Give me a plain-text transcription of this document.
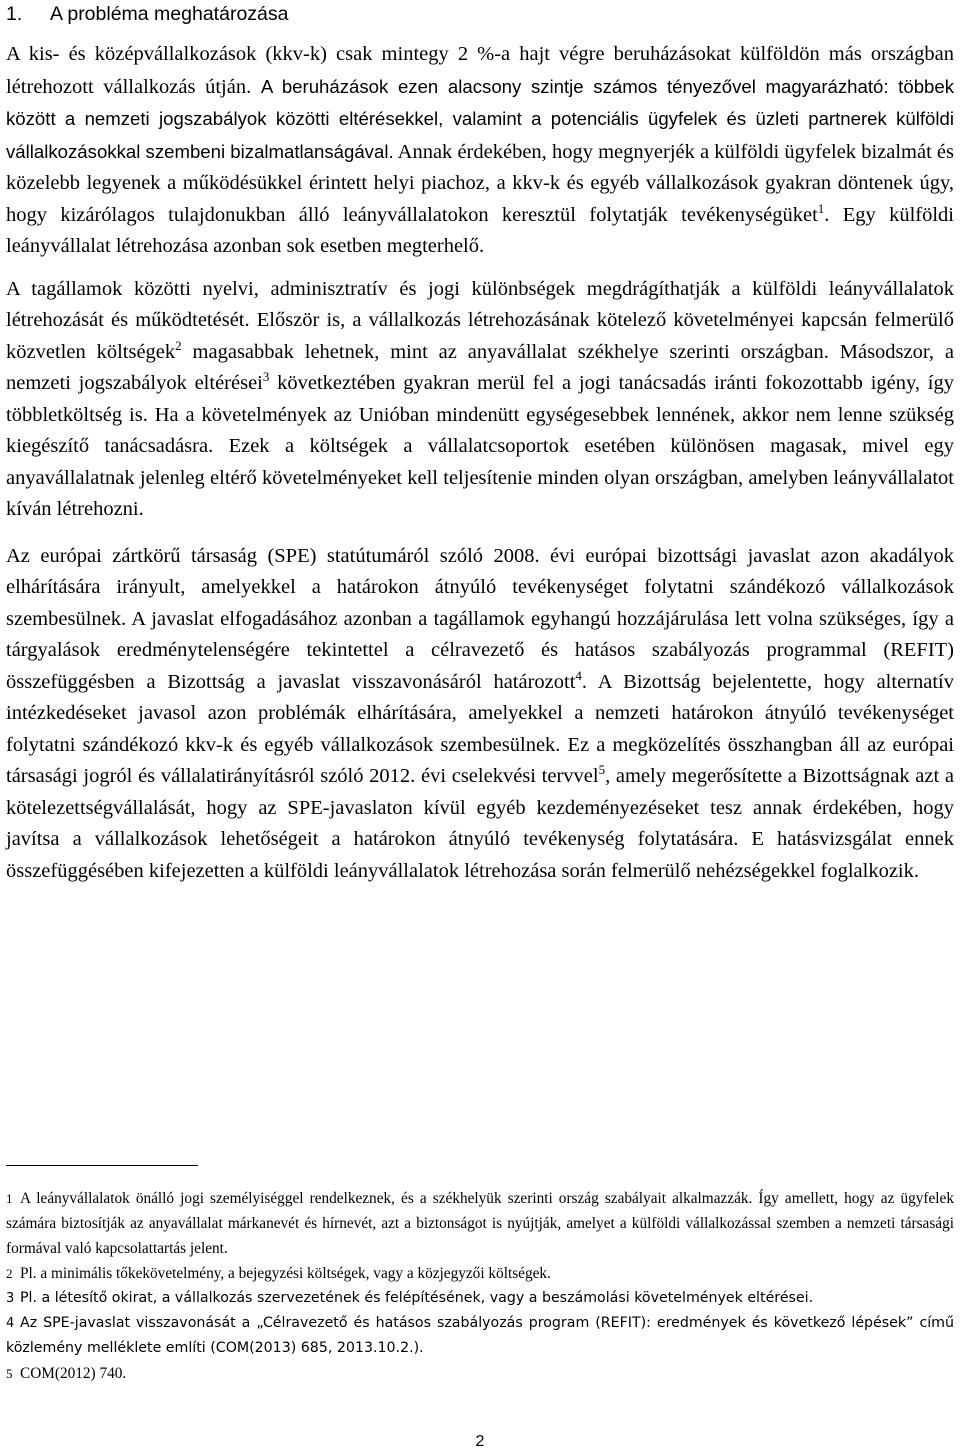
1. A probléma meghatározása

A kis- és középvállalkozások (kkv-k) csak mintegy 2 %-a hajt végre beruházásokat külföldön más országban létrehozott vállalkozás útján. A beruházások ezen alacsony szintje számos tényezővel magyarázható: többek között a nemzeti jogszabályok közötti eltérésekkel, valamint a potenciális ügyfelek és üzleti partnerek külföldi vállalkozásokkal szembeni bizalmatlanságával. Annak érdekében, hogy megnyerjék a külföldi ügyfelek bizalmát és közelebb legyenek a működésükkel érintett helyi piachoz, a kkv-k és egyéb vállalkozások gyakran döntenek úgy, hogy kizárólagos tulajdonukban álló leányvállalatokon keresztül folytatják tevékenységüket$^1$. Egy külföldi leányvállalat létrehozása azonban sok esetben megterhelő.

A tagállamok közötti nyelvi, adminisztratív és jogi különbségek megdrágíthatják a külföldi leányvállalatok létrehozását és működtetését. Először is, a vállalkozás létrehozásának kötelező követelményei kapcsán felmerülő közvetlen költségek$^2$ magasabbak lehetnek, mint az anyavállalat székhelye szerinti országban. Másodszor, a nemzeti jogszabályok eltérései$^3$ következtében gyakran merül fel a jogi tanácsadás iránti fokozottabb igény, így többletköltség is. Ha a követelmények az Unióban mindenütt egységesebbek lennének, akkor nem lenne szükség kiegészítő tanácsadásra. Ezek a költségek a vállalatcsoportok esetében különösen magasak, mivel egy anyavállalatnak jelenleg eltérő követelményeket kell teljesítenie minden olyan országban, amelyben leányvállalatot kíván létrehozni.

Az európai zártkörű társaság (SPE) statútumáról szóló 2008. évi európai bizottsági javaslat azon akadályok elhárítására irányult, amelyekkel a határokon átnyúló tevékenységet folytatni szándékozó vállalkozások szembesülnek. A javaslat elfogadásához azonban a tagállamok egyhangú hozzájárulása lett volna szükséges, így a tárgyalások eredménytelenségére tekintettel a célravezető és hatásos szabályozás programmal (REFIT) összefüggésben a Bizottság a javaslat visszavonásáról határozott$^4$. A Bizottság bejelentette, hogy alternatív intézkedéseket javasol azon problémák elhárítására, amelyekkel a nemzeti határokon átnyúló tevékenységet folytatni szándékozó kkv-k és egyéb vállalkozások szembesülnek. Ez a megközelítés összhangban áll az európai társasági jogról és vállalatirányításról szóló 2012. évi cselekvési tervvel$^5$, amely megerősítette a Bizottságnak azt a kötelezettségvállalását, hogy az SPE-javaslaton kívül egyéb kezdeményezéseket tesz annak érdekében, hogy javítsa a vállalkozások lehetőségeit a határokon átnyúló tevékenység folytatására. E hatásvizsgálat ennek összefüggésében kifejezetten a külföldi leányvállalatok létrehozása során felmerülő nehézségekkel foglalkozik.

1 A leányvállalatok önálló jogi személyiséggel rendelkeznek, és a székhelyük szerinti ország szabályait alkalmazzák. Így amellett, hogy az ügyfelek számára biztosítják az anyavállalat márkanevét és hírnevét, azt a biztonságot is nyújtják, amelyet a külföldi vállalkozással szemben a nemzeti társasági formával való kapcsolattartás jelent.

2 Pl. a minimális tőkekövetelmény, a bejegyzési költségek, vagy a közjegyzői költségek.

3 Pl. a létesítő okirat, a vállalkozás szervezetének és felépítésének, vagy a beszámolási követelmények eltérései.

4 Az SPE-javaslat visszavonását a „Célravezető és hatásos szabályozás program (REFIT): eredmények és következő lépések” című közlemény melléklete említi (COM(2013) 685, 2013.10.2.).

5 COM(2012) 740.

2
